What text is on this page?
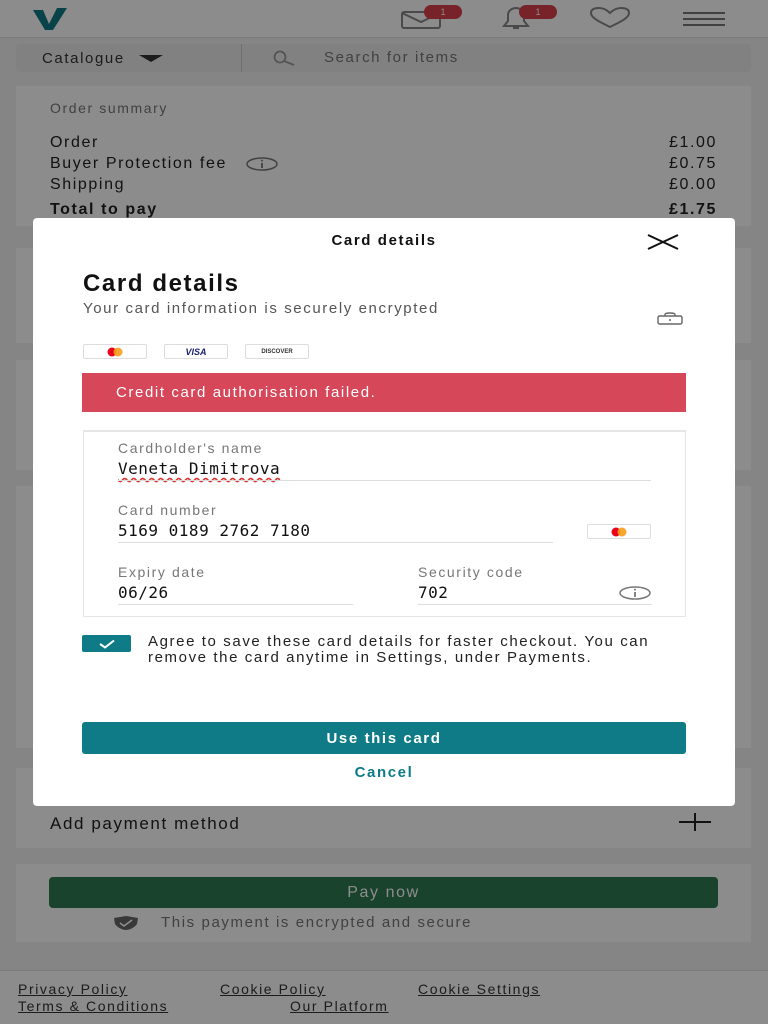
1	1
Catalogue	Search for items
Order summary
Order	£1.00
Buyer Protection fee	£0.75
Shipping	£0.00
Total to pay	£1.75
Add payment method
Pay now
This payment is encrypted and secure
Privacy Policy	Cookie Policy	Cookie Settings
Terms & Conditions	Our Platform
Card details
Card details
Your card information is securely encrypted
VISA	DISCOVER
Credit card authorisation failed.
Cardholder's name
Veneta Dimitrova
Card number
5169 0189 2762 7180
Expiry date
06/26
Security code
702
Agree to save these card details for faster checkout. You can remove the card anytime in Settings, under Payments.
Use this card
Cancel
